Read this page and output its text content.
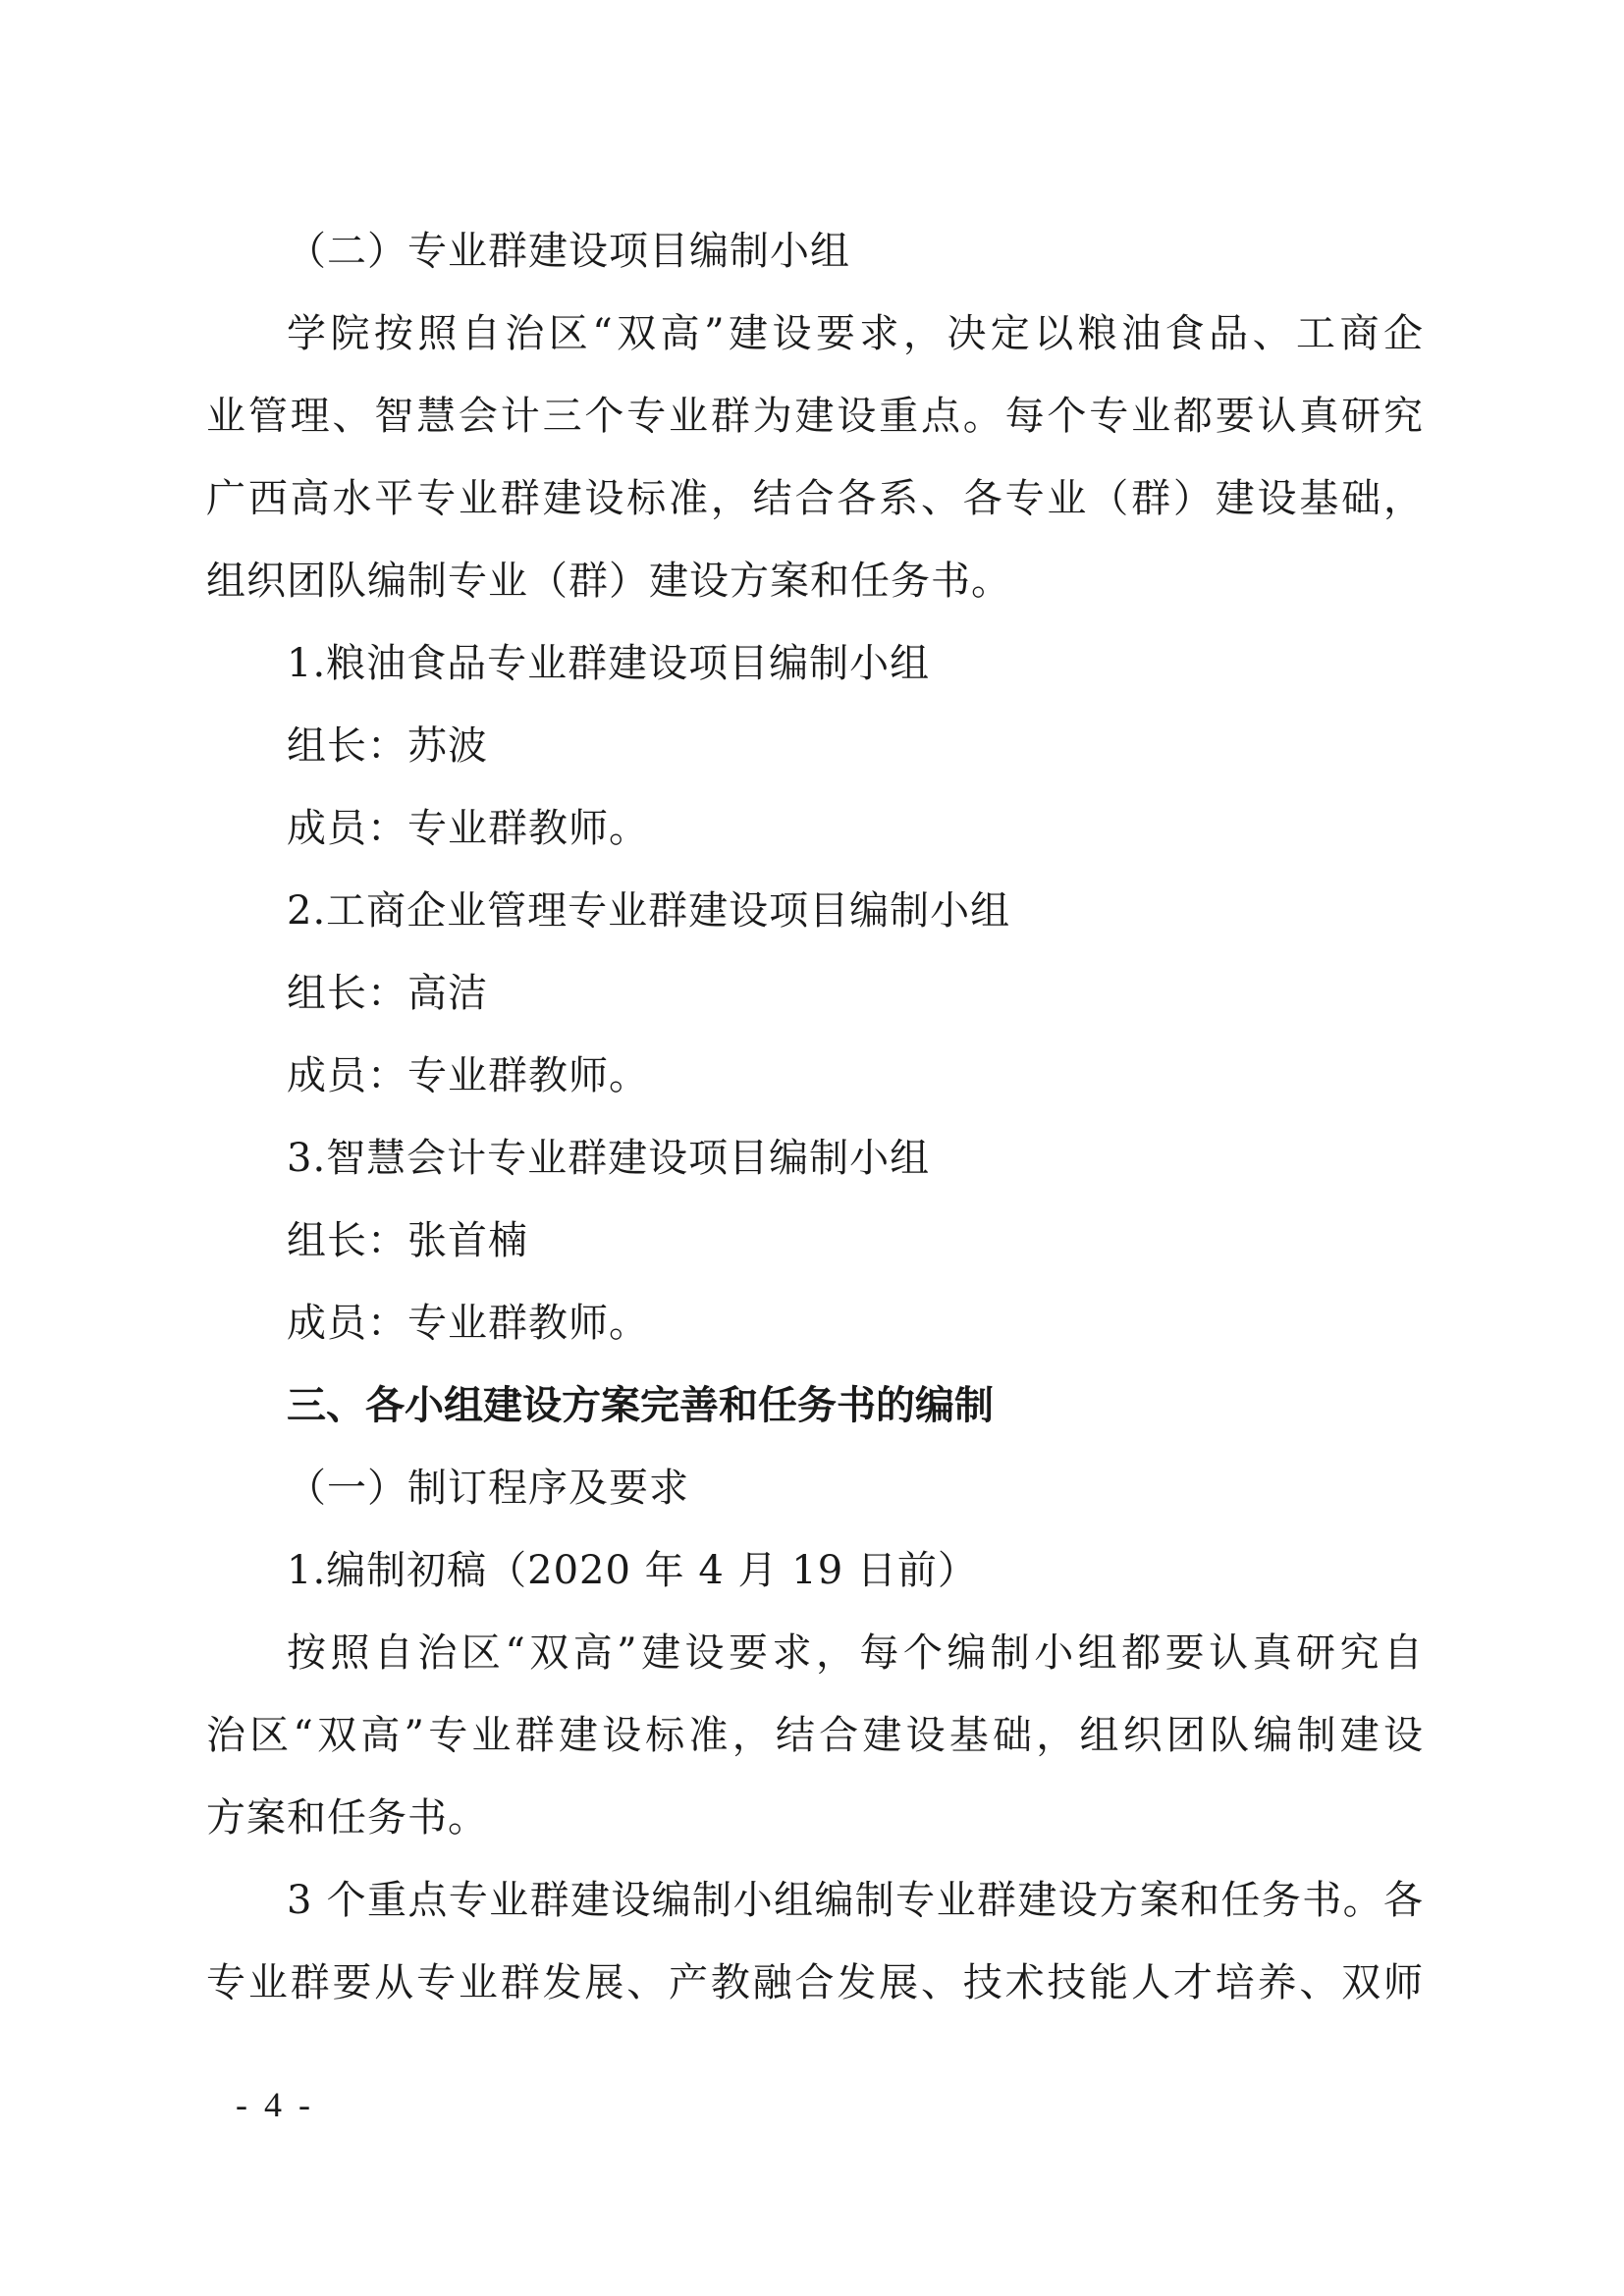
（二）专业群建设项目编制小组
学院按照自治区“双高”建设要求，决定以粮油食品、工商企
业管理、智慧会计三个专业群为建设重点。每个专业都要认真研究
广西高水平专业群建设标准，结合各系、各专业（群）建设基础，
组织团队编制专业（群）建设方案和任务书。
1.粮油食品专业群建设项目编制小组
组长：苏波
成员：专业群教师。
2.工商企业管理专业群建设项目编制小组
组长：高洁
成员：专业群教师。
3.智慧会计专业群建设项目编制小组
组长：张首楠
成员：专业群教师。
三、各小组建设方案完善和任务书的编制
（一）制订程序及要求
1.编制初稿（2020 年 4 月 19 日前）
按照自治区“双高”建设要求，每个编制小组都要认真研究自
治区“双高”专业群建设标准，结合建设基础，组织团队编制建设
方案和任务书。
3 个重点专业群建设编制小组编制专业群建设方案和任务书。各
专业群要从专业群发展、产教融合发展、技术技能人才培养、双师
- 4 -
